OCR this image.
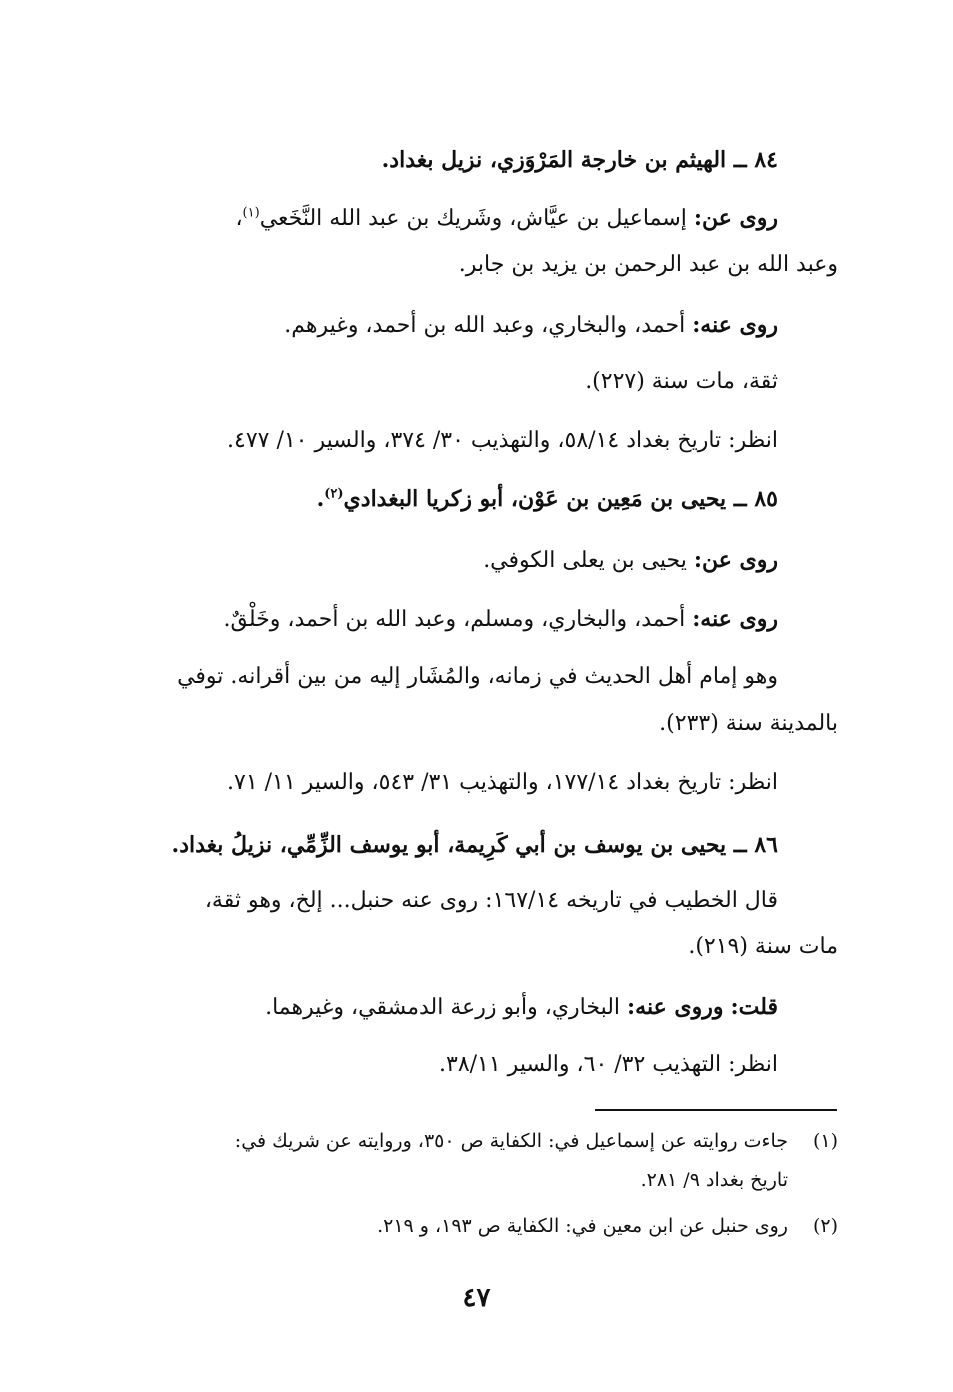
٨٤ ــ الهيثم بن خارجة المَرْوَزي، نزيل بغداد.
روى عن: إسماعيل بن عيَّاش، وشَريك بن عبد الله النَّخَعي$^{(١)}$،
وعبد الله بن عبد الرحمن بن يزيد بن جابر.
روى عنه: أحمد، والبخاري، وعبد الله بن أحمد، وغيرهم.
ثقة، مات سنة (٢٢٧).
انظر: تاريخ بغداد ٥٨/١٤، والتهذيب ٣٠/ ٣٧٤، والسير ١٠/ ٤٧٧.
٨٥ ــ يحيى بن مَعِين بن عَوْن، أبو زكريا البغدادي$^{(٢)}$.
روى عن: يحيى بن يعلى الكوفي.
روى عنه: أحمد، والبخاري، ومسلم، وعبد الله بن أحمد، وخَلْقٌ.
وهو إمام أهل الحديث في زمانه، والمُشَار إليه من بين أقرانه. توفي
بالمدينة سنة (٢٣٣).
انظر: تاريخ بغداد ١٧٧/١٤، والتهذيب ٣١/ ٥٤٣، والسير ١١/ ٧١.
٨٦ ــ يحيى بن يوسف بن أبي كَرِيمة، أبو يوسف الزِّمِّي، نزيلُ بغداد.
قال الخطيب في تاريخه ١٦٧/١٤: روى عنه حنبل... إلخ، وهو ثقة،
مات سنة (٢١٩).
قلت: وروى عنه: البخاري، وأبو زرعة الدمشقي، وغيرهما.
انظر: التهذيب ٣٢/ ٦٠، والسير ٣٨/١١.
(١)
جاءت روايته عن إسماعيل في: الكفاية ص ٣٥٠، وروايته عن شريك في:
تاريخ بغداد ٩/ ٢٨١.
(٢)
روى حنبل عن ابن معين في: الكفاية ص ١٩٣، و ٢١٩.
٤٧
